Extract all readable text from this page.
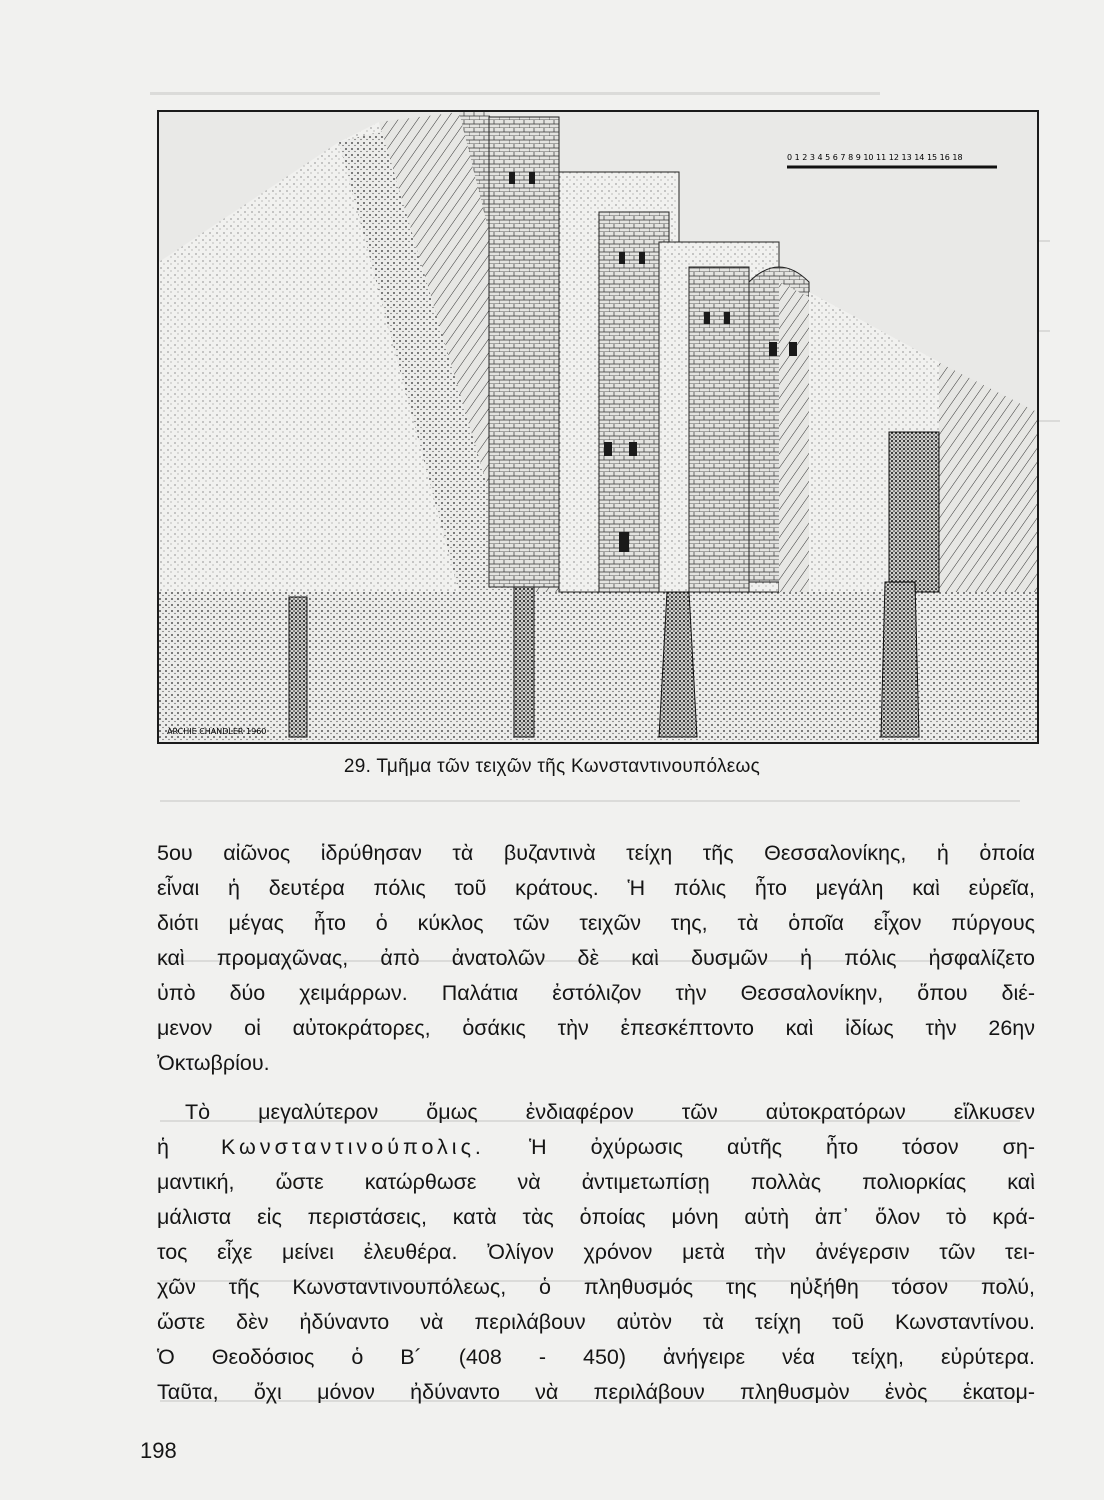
0 1 2 3 4 5 6 7 8 9 10 11 12 13 14 15 16 18
ARCHIE CHANDLER 1960
29. Τμῆμα τῶν τειχῶν τῆς Κωνσταντινουπόλεως

5ου αἰῶνος ἱδρύθησαν τὰ βυζαντινὰ τείχη τῆς Θεσσαλονίκης, ἡ ὁποία
εἶναι ἡ δευτέρα πόλις τοῦ κράτους. Ἡ πόλις ἦτο μεγάλη καὶ εὐρεῖα,
διότι μέγας ἦτο ὁ κύκλος τῶν τειχῶν της, τὰ ὁποῖα εἶχον πύργους
καὶ προμαχῶνας, ἀπὸ ἀνατολῶν δὲ καὶ δυσμῶν ἡ πόλις ἠσφαλίζετο
ὑπὸ δύο χειμάρρων. Παλάτια ἐστόλιζον τὴν Θεσσαλονίκην, ὅπου διέ-
μενον οἱ αὐτοκράτορες, ὁσάκις τὴν ἐπεσκέπτοντο καὶ ἰδίως τὴν 26ην
Ὀκτωβρίου.

Τὸ μεγαλύτερον ὅμως ἐνδιαφέρον τῶν αὐτοκρατόρων εἵλκυσεν
ἡ Κωνσταντινούπολις. Ἡ ὀχύρωσις αὐτῆς ἦτο τόσον ση-
μαντική, ὥστε κατώρθωσε νὰ ἀντιμετωπίσῃ πολλὰς πολιορκίας καὶ
μάλιστα εἰς περιστάσεις, κατὰ τὰς ὁποίας μόνη αὐτὴ ἀπ᾽ ὅλον τὸ κρά-
τος εἶχε μείνει ἐλευθέρα. Ὀλίγον χρόνον μετὰ τὴν ἀνέγερσιν τῶν τει-
χῶν τῆς Κωνσταντινουπόλεως, ὁ πληθυσμός της ηὐξήθη τόσον πολύ,
ὥστε δὲν ἠδύναντο νὰ περιλάβουν αὐτὸν τὰ τείχη τοῦ Κωνσταντίνου.
Ὁ Θεοδόσιος ὁ Β´ (408 - 450) ἀνήγειρε νέα τείχη, εὐρύτερα.
Ταῦτα, ὄχι μόνον ἠδύναντο νὰ περιλάβουν πληθυσμὸν ἑνὸς ἑκατομ-

198
